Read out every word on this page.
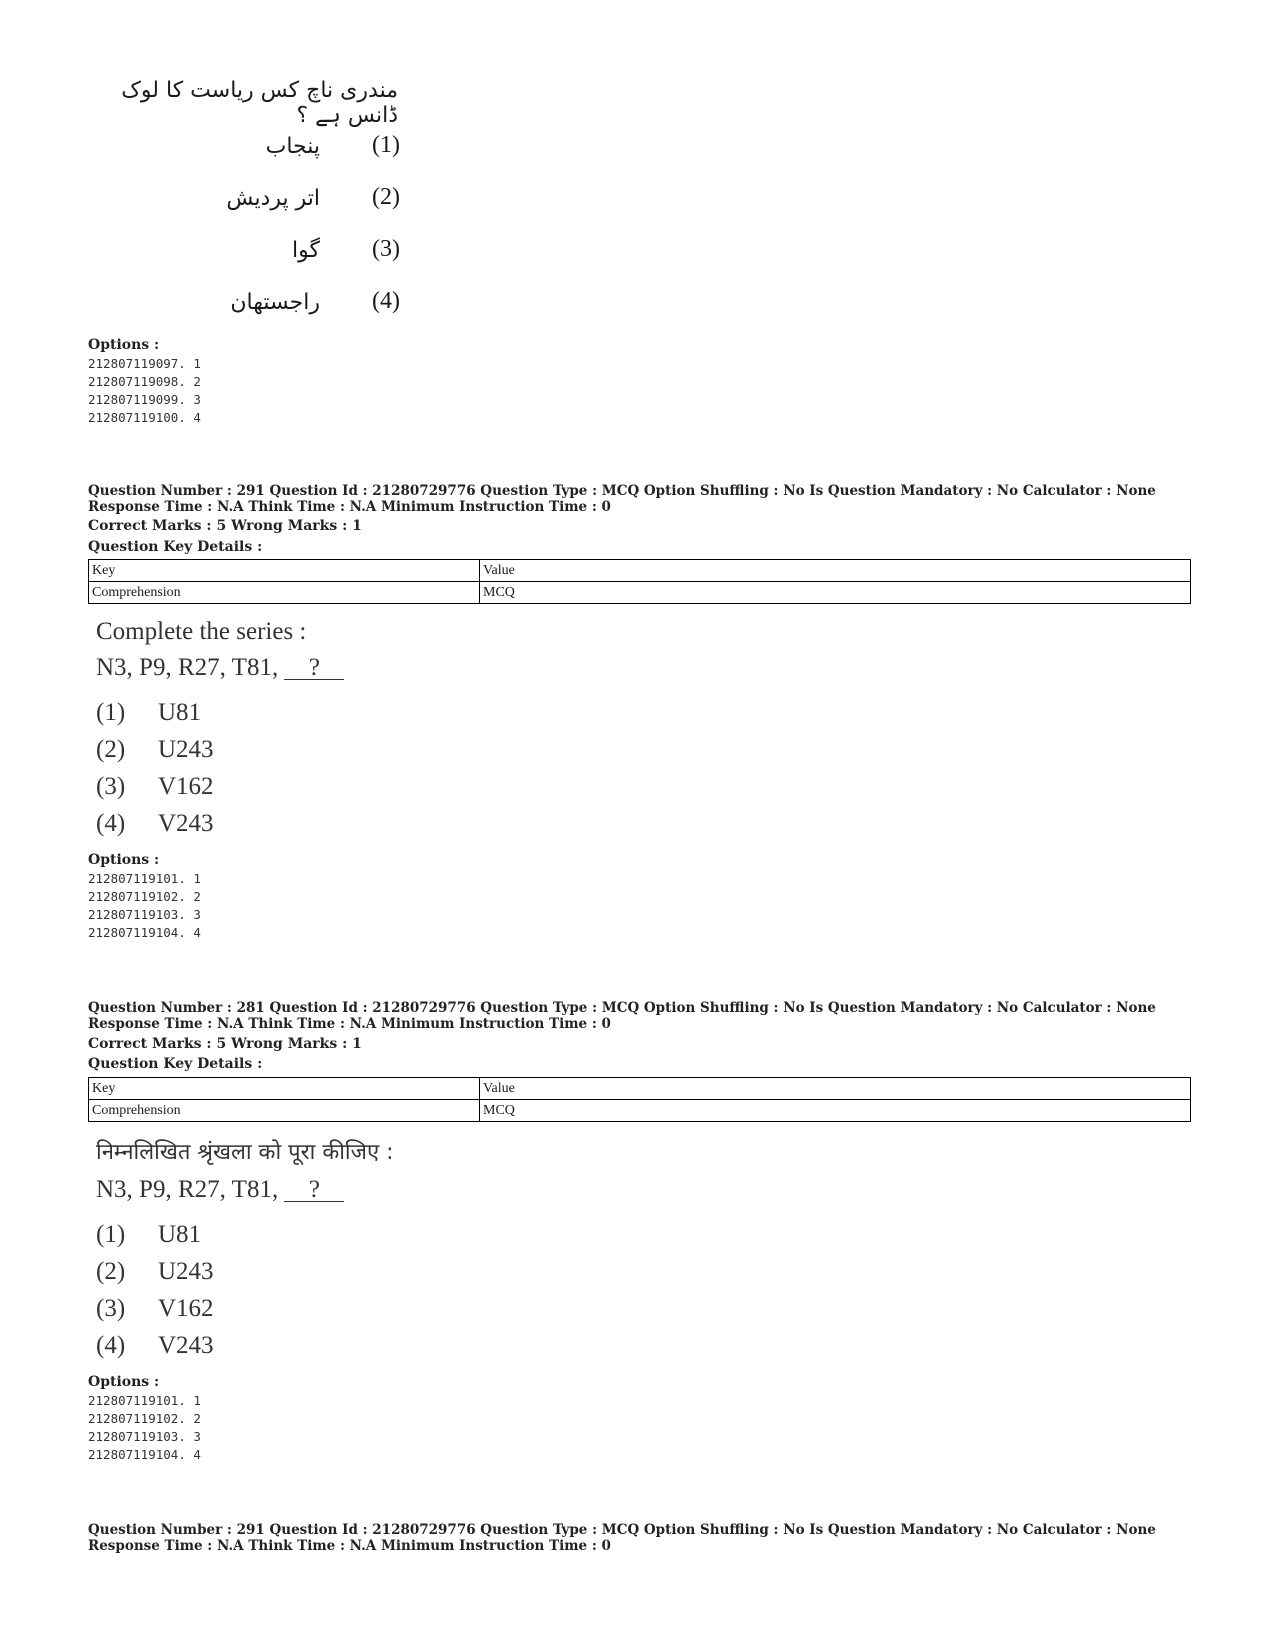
مندری ناچ کس ریاست کا لوک ڈانس ہے ؟
پنجاب (1)
اتر پردیش (2)
گوا (3)
راجستھان (4)
Options :
212807119097. 1
212807119098. 2
212807119099. 3
212807119100. 4
Question Number : 291 Question Id : 21280729776 Question Type : MCQ Option Shuffling : No Is Question Mandatory : No Calculator : None
Response Time : N.A Think Time : N.A Minimum Instruction Time : 0
Correct Marks : 5 Wrong Marks : 1
Question Key Details :
Key	Value
Comprehension	MCQ
Complete the series :
N3, P9, R27, T81, ?
(1) U81
(2) U243
(3) V162
(4) V243
Options :
212807119101. 1
212807119102. 2
212807119103. 3
212807119104. 4
Question Number : 281 Question Id : 21280729776 Question Type : MCQ Option Shuffling : No Is Question Mandatory : No Calculator : None
Response Time : N.A Think Time : N.A Minimum Instruction Time : 0
Correct Marks : 5 Wrong Marks : 1
Question Key Details :
Key	Value
Comprehension	MCQ
निम्नलिखित श्रृंखला को पूरा कीजिए :
N3, P9, R27, T81, ?
(1) U81
(2) U243
(3) V162
(4) V243
Options :
212807119101. 1
212807119102. 2
212807119103. 3
212807119104. 4
Question Number : 291 Question Id : 21280729776 Question Type : MCQ Option Shuffling : No Is Question Mandatory : No Calculator : None
Response Time : N.A Think Time : N.A Minimum Instruction Time : 0
